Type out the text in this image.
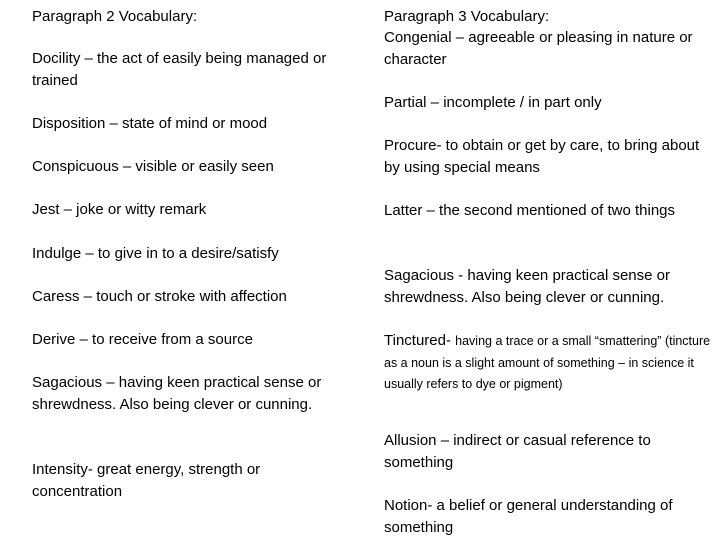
Paragraph 2 Vocabulary:
Docility – the act of easily being managed or trained
Disposition – state of mind or mood
Conspicuous – visible or easily seen
Jest – joke or witty remark
Indulge – to give in to a desire/satisfy
Caress – touch or stroke with affection
Derive – to receive from a source
Sagacious – having keen practical sense or shrewdness. Also being clever or cunning.
Intensity- great energy, strength or concentration
Paragraph 3 Vocabulary:
Congenial – agreeable or pleasing in nature or character
Partial – incomplete / in part only
Procure- to obtain or get by care, to bring about by using special means
Latter – the second mentioned of two things
Sagacious - having keen practical sense or shrewdness. Also being clever or cunning.
Tinctured- having a trace or a small “smattering” (tincture as a noun is a slight amount of something – in science it usually refers to dye or pigment)
Allusion – indirect or casual reference to something
Notion- a belief or general understanding of something
